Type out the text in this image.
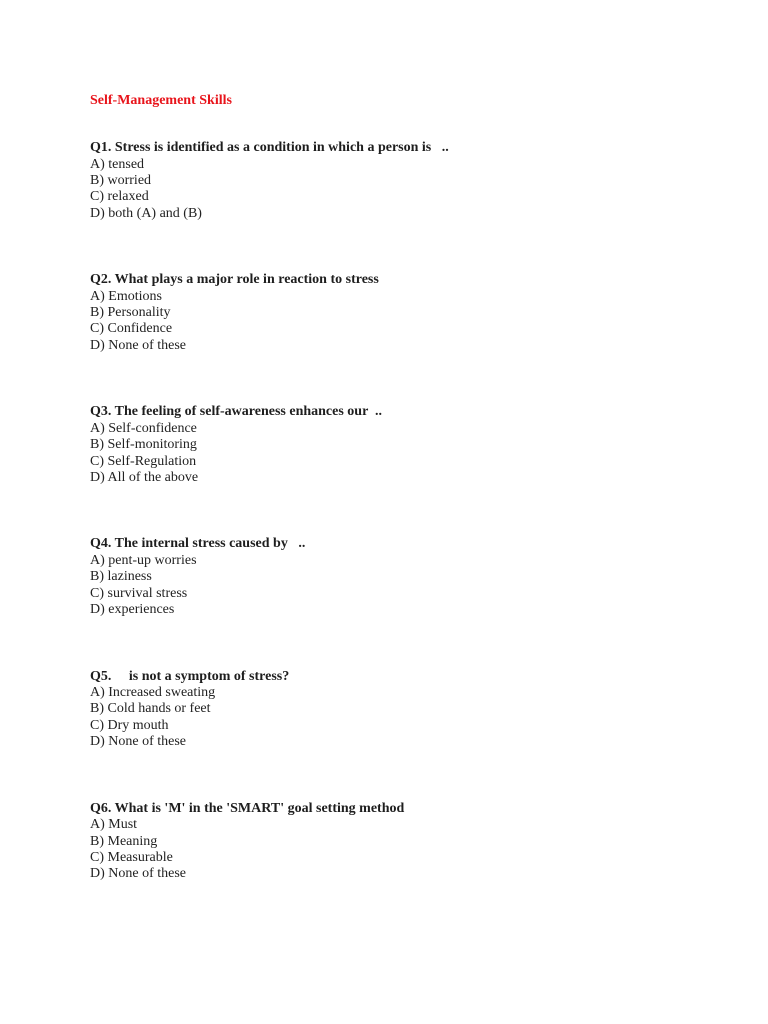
Self-Management Skills
Q1. Stress is identified as a condition in which a person is   ..
A) tensed
B) worried
C) relaxed
D) both (A) and (B)
Q2. What plays a major role in reaction to stress
A) Emotions
B) Personality
C) Confidence
D) None of these
Q3. The feeling of self-awareness enhances our  ..
A) Self-confidence
B) Self-monitoring
C) Self-Regulation
D) All of the above
Q4. The internal stress caused by   ..
A) pent-up worries
B) laziness
C) survival stress
D) experiences
Q5.     is not a symptom of stress?
A) Increased sweating
B) Cold hands or feet
C) Dry mouth
D) None of these
Q6. What is 'M' in the 'SMART' goal setting method
A) Must
B) Meaning
C) Measurable
D) None of these
